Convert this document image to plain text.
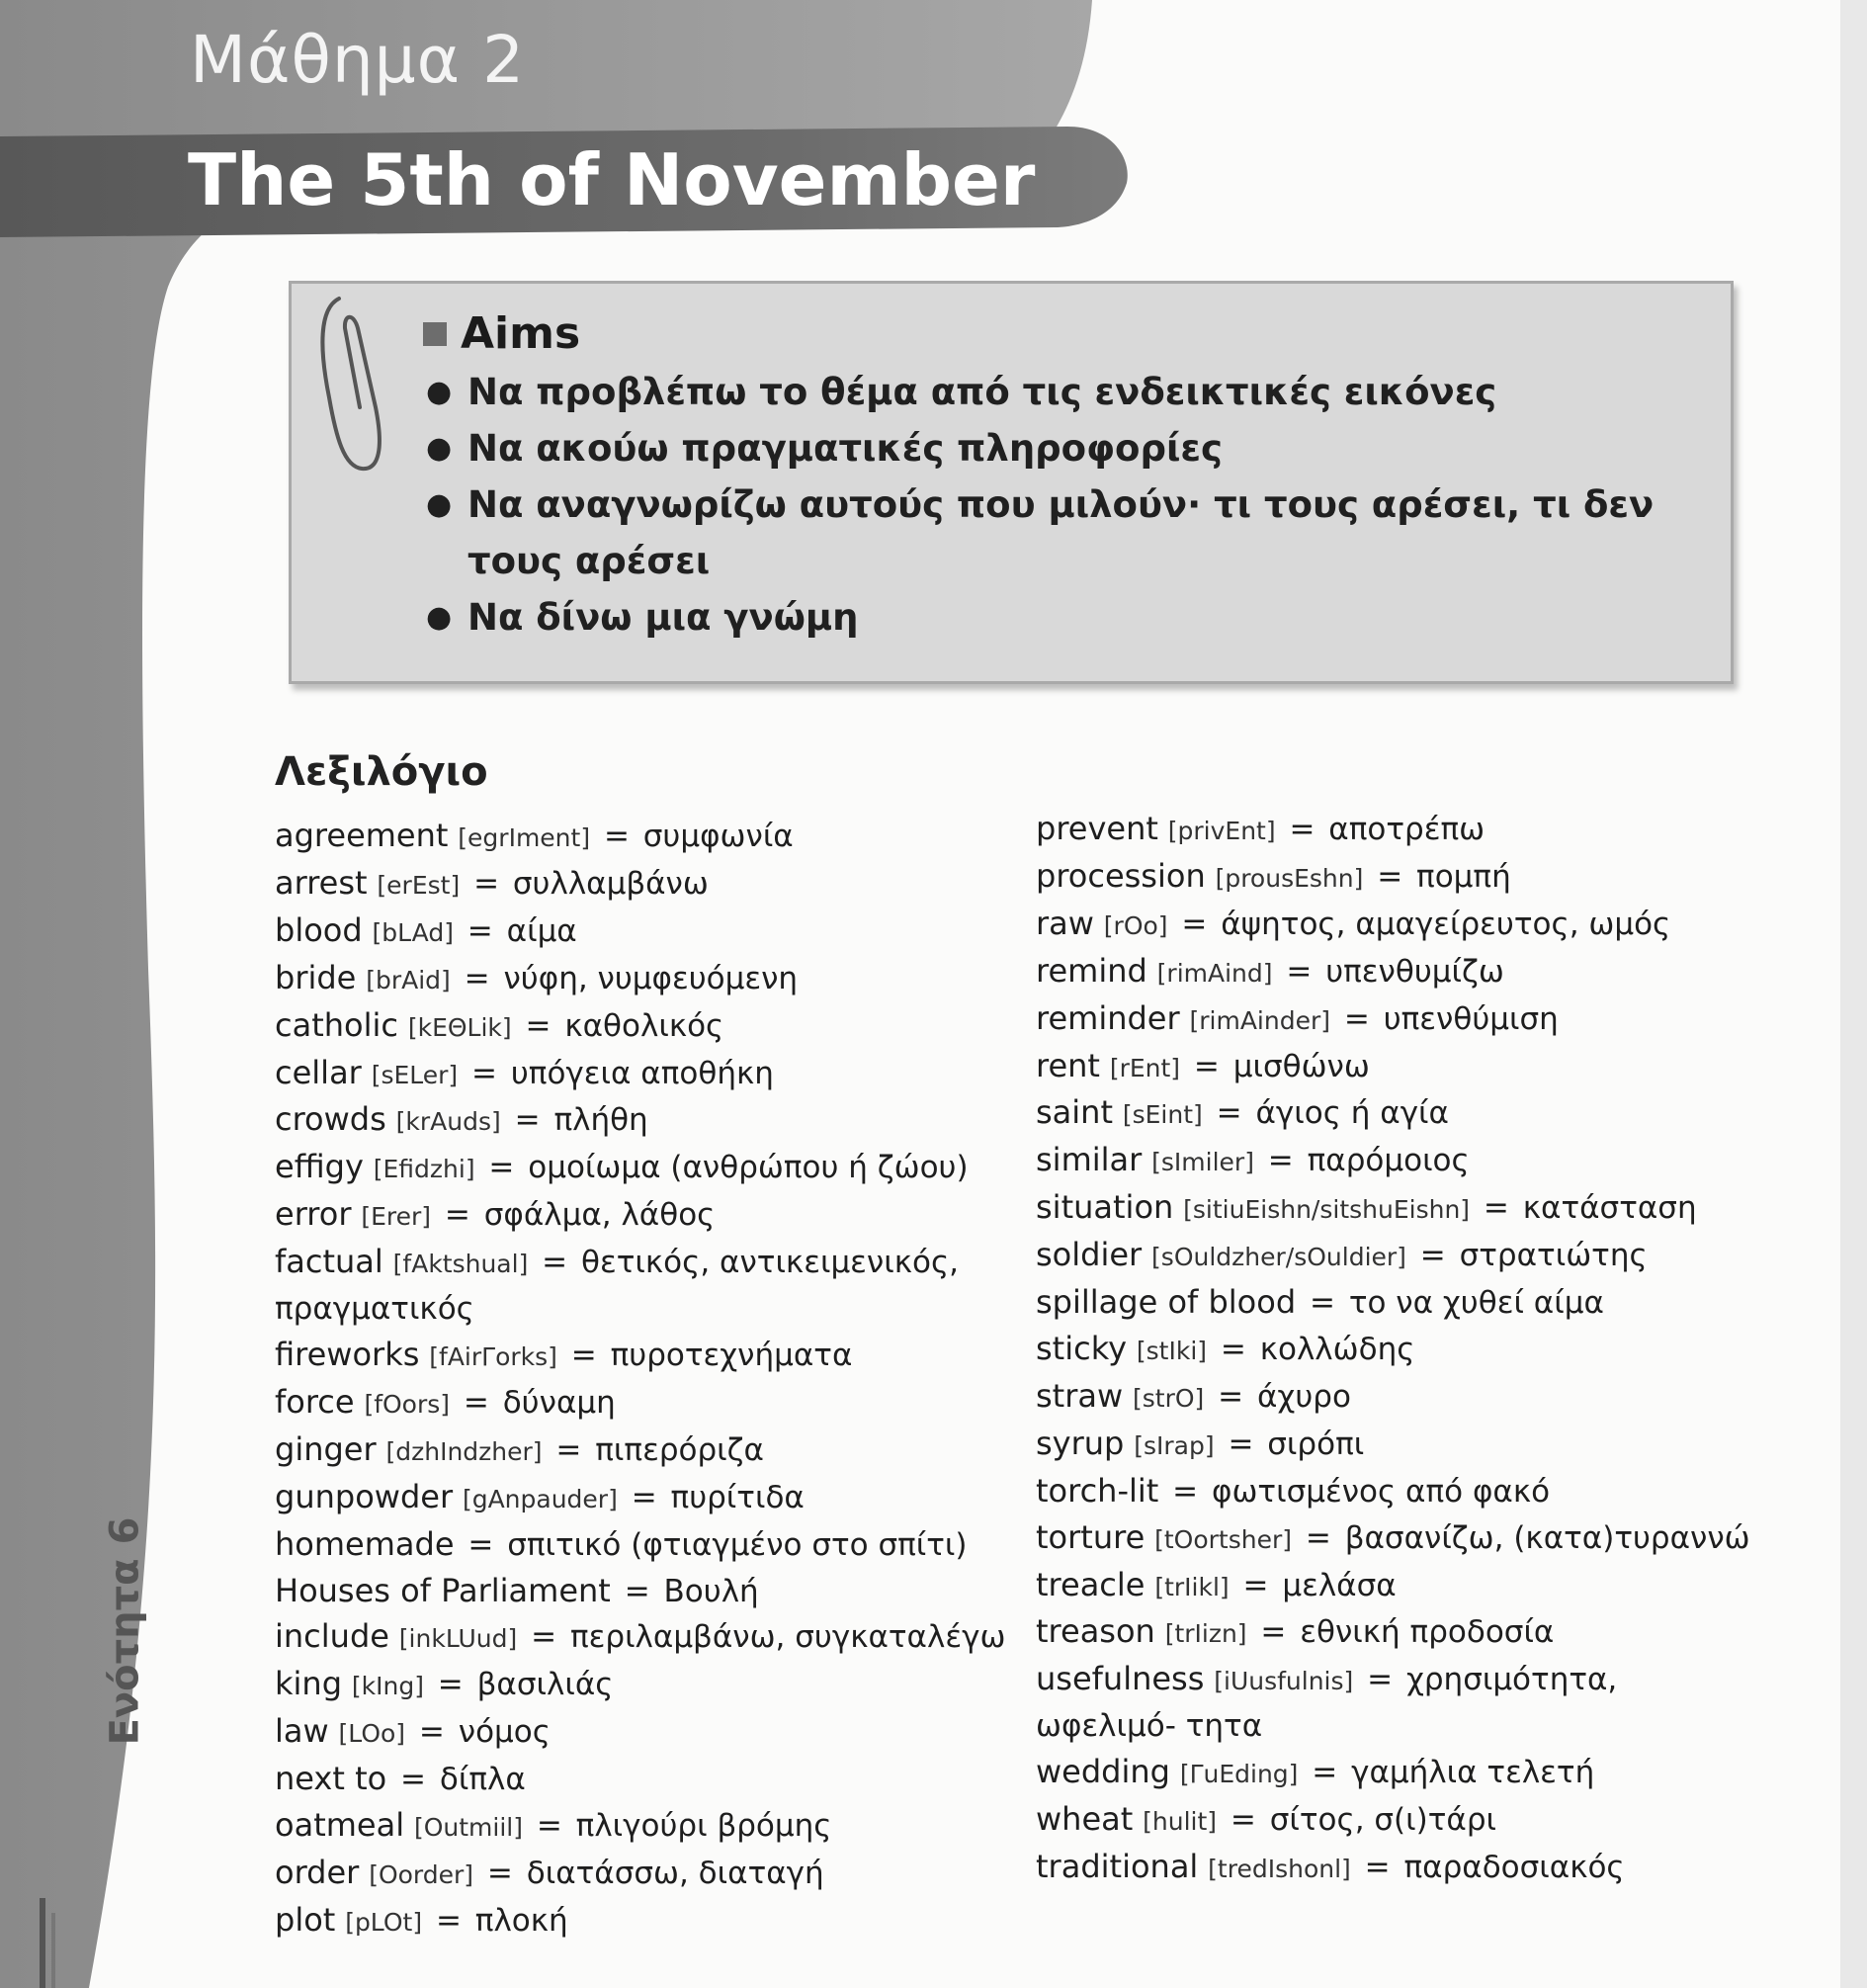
Μάθημα 2
The 5th of November
Aims
● Να προβλέπω το θέμα από τις ενδεικτικές εικόνες
● Να ακούω πραγματικές πληροφορίες
● Να αναγνωρίζω αυτούς που μιλούν· τι τους αρέσει, τι δεν τους αρέσει
● Να δίνω μια γνώμη
Λεξιλόγιο
agreement [egrIment] = συμφωνία
arrest [erEst] = συλλαμβάνω
blood [bLAd] = αίμα
bride [brAid] = νύφη, νυμφευόμενη
catholic [kEΘLik] = καθολικός
cellar [sELer] = υπόγεια αποθήκη
crowds [krAuds] = πλήθη
effigy [Efidzhi] = ομοίωμα (ανθρώπου ή ζώου)
error [Erer] = σφάλμα, λάθος
factual [fAktshual] = θετικός, αντικειμενικός, πραγματικός
fireworks [fAirΓorks] = πυροτεχνήματα
force [fOors] = δύναμη
ginger [dzhIndzher] = πιπερόριζα
gunpowder [gAnpauder] = πυρίτιδα
homemade = σπιτικό (φτιαγμένο στο σπίτι)
Houses of Parliament = Βουλή
include [inkLUud] = περιλαμβάνω, συγκαταλέγω
king [kIng] = βασιλιάς
law [LOo] = νόμος
next to = δίπλα
oatmeal [Outmiil] = πλιγούρι βρόμης
order [Oorder] = διατάσσω, διαταγή
plot [pLOt] = πλοκή
prevent [privEnt] = αποτρέπω
procession [prousEshn] = πομπή
raw [rOo] = άψητος, αμαγείρευτος, ωμός
remind [rimAind] = υπενθυμίζω
reminder [rimAinder] = υπενθύμιση
rent [rEnt] = μισθώνω
saint [sEint] = άγιος ή αγία
similar [sImiler] = παρόμοιος
situation [sitiuEishn/sitshuEishn] = κατάσταση
soldier [sOuldzher/sOuldier] = στρατιώτης
spillage of blood = το να χυθεί αίμα
sticky [stIki] = κολλώδης
straw [strO] = άχυρο
syrup [sIrap] = σιρόπι
torch-lit = φωτισμένος από φακό
torture [tOortsher] = βασανίζω, (κατα)τυραννώ
treacle [trIikl] = μελάσα
treason [trIizn] = εθνική προδοσία
usefulness [iUusfulnis] = χρησιμότητα, ωφελιμό- τητα
wedding [ΓuEding] = γαμήλια τελετή
wheat [hulit] = σίτος, σ(ι)τάρι
traditional [tredIshonl] = παραδοσιακός
Ενότητα 6
